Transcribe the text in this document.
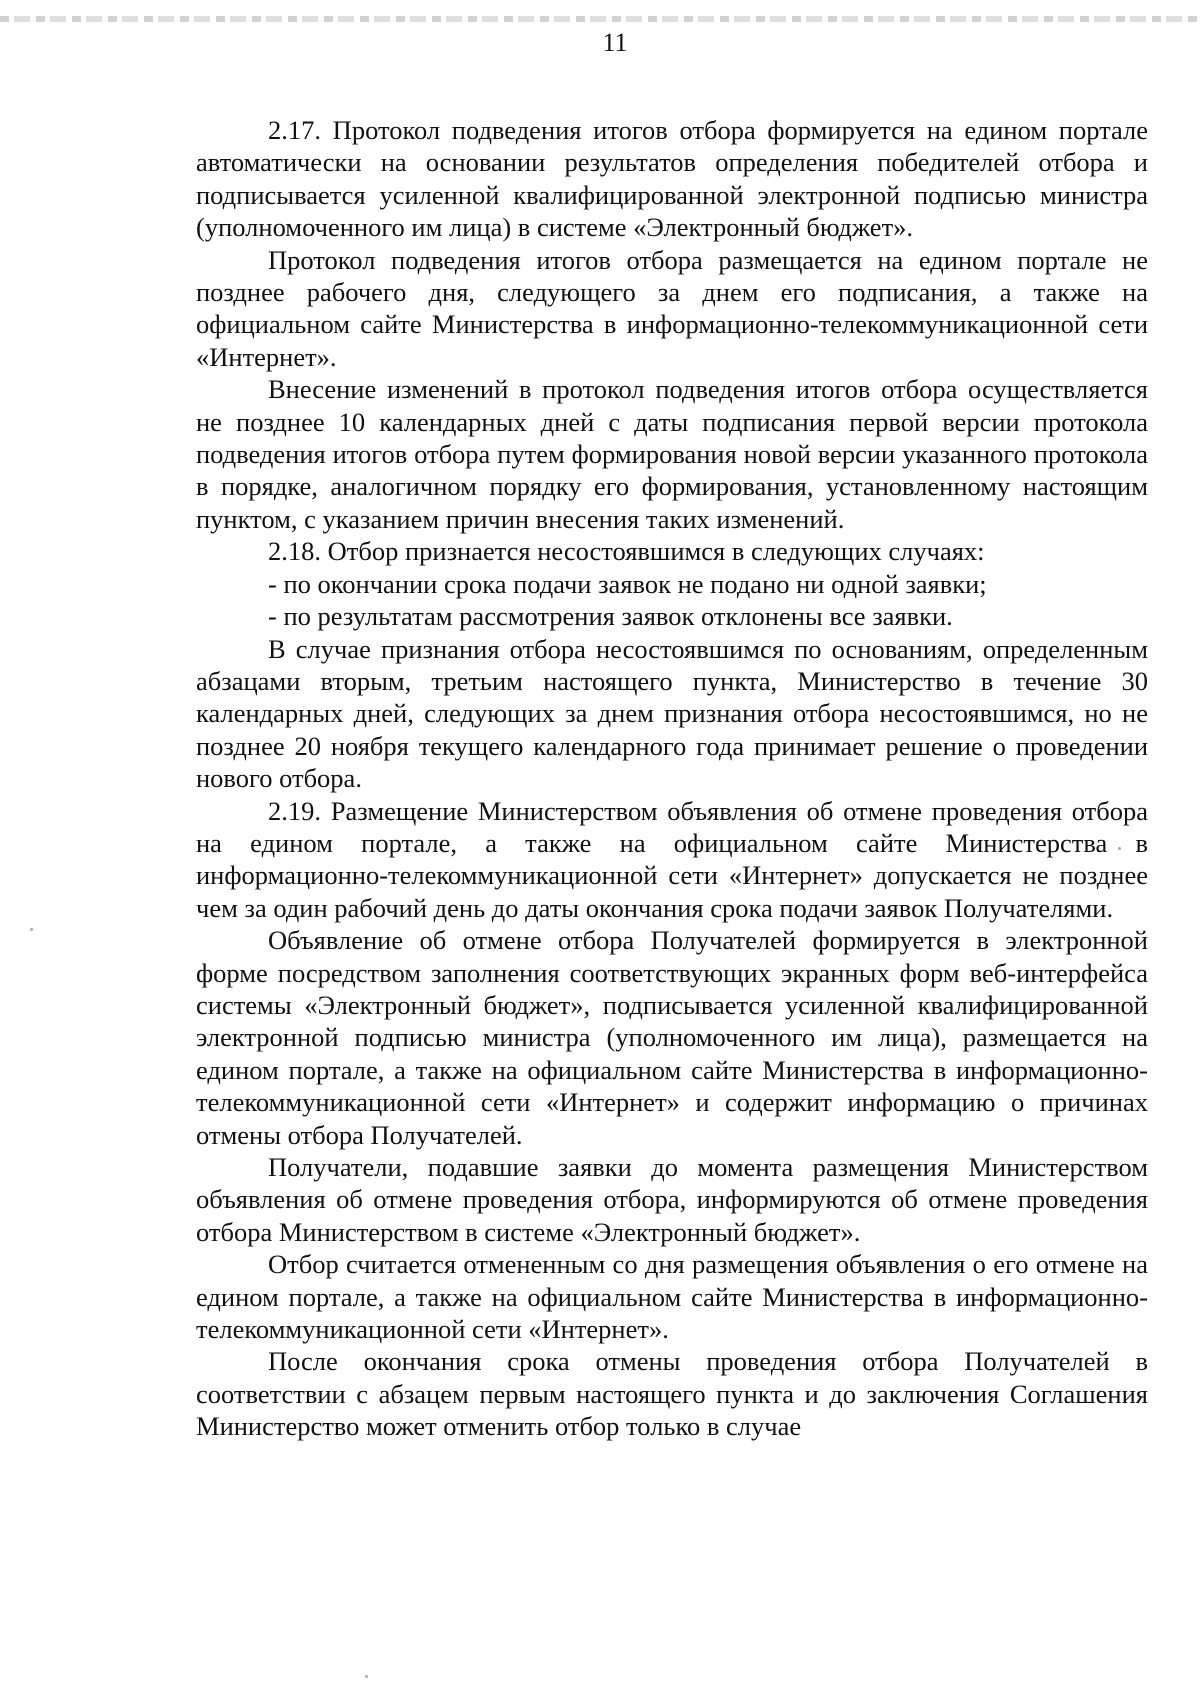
11

2.17. Протокол подведения итогов отбора формируется на едином портале автоматически на основании результатов определения победителей отбора и подписывается усиленной квалифицированной электронной подписью министра (уполномоченного им лица) в системе «Электронный бюджет».

Протокол подведения итогов отбора размещается на едином портале не позднее рабочего дня, следующего за днем его подписания, а также на официальном сайте Министерства в информационно-телекоммуникационной сети «Интернет».

Внесение изменений в протокол подведения итогов отбора осуществляется не позднее 10 календарных дней с даты подписания первой версии протокола подведения итогов отбора путем формирования новой версии указанного протокола в порядке, аналогичном порядку его формирования, установленному настоящим пунктом, с указанием причин внесения таких изменений.

2.18. Отбор признается несостоявшимся в следующих случаях:

- по окончании срока подачи заявок не подано ни одной заявки;

- по результатам рассмотрения заявок отклонены все заявки.

В случае признания отбора несостоявшимся по основаниям, определенным абзацами вторым, третьим настоящего пункта, Министерство в течение 30 календарных дней, следующих за днем признания отбора несостоявшимся, но не позднее 20 ноября текущего календарного года принимает решение о проведении нового отбора.

2.19. Размещение Министерством объявления об отмене проведения отбора на едином портале, а также на официальном сайте Министерства в информационно-телекоммуникационной сети «Интернет» допускается не позднее чем за один рабочий день до даты окончания срока подачи заявок Получателями.

Объявление об отмене отбора Получателей формируется в электронной форме посредством заполнения соответствующих экранных форм веб-интерфейса системы «Электронный бюджет», подписывается усиленной квалифицированной электронной подписью министра (уполномоченного им лица), размещается на едином портале, а также на официальном сайте Министерства в информационно-телекоммуникационной сети «Интернет» и содержит информацию о причинах отмены отбора Получателей.

Получатели, подавшие заявки до момента размещения Министерством объявления об отмене проведения отбора, информируются об отмене проведения отбора Министерством в системе «Электронный бюджет».

Отбор считается отмененным со дня размещения объявления о его отмене на едином портале, а также на официальном сайте Министерства в информационно-телекоммуникационной сети «Интернет».

После окончания срока отмены проведения отбора Получателей в соответствии с абзацем первым настоящего пункта и до заключения Соглашения Министерство может отменить отбор только в случае
